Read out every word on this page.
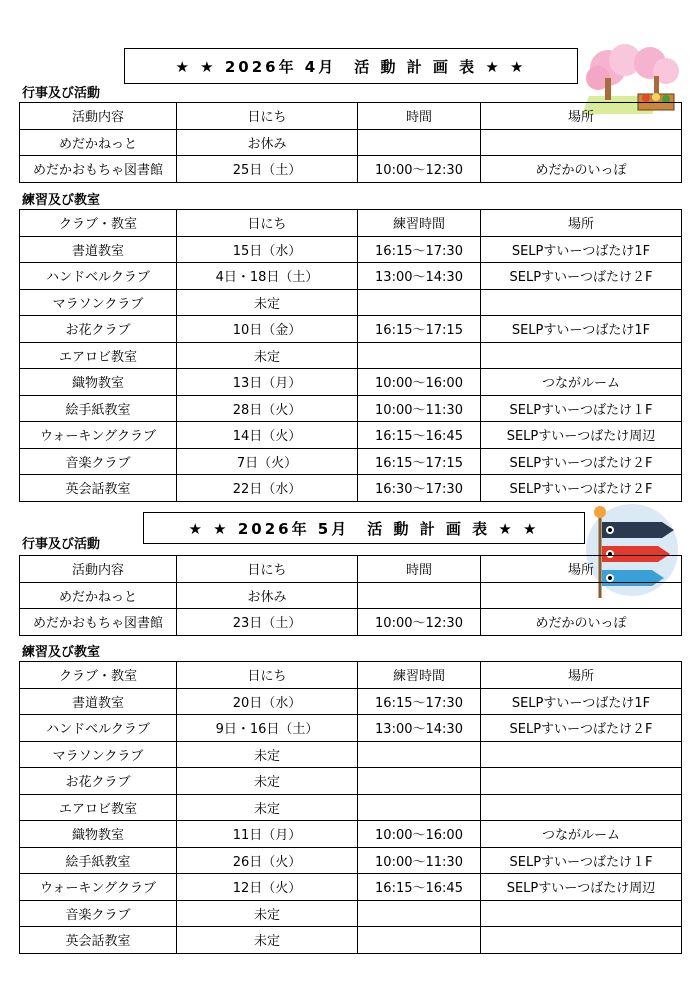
★ ★ 2026年 4月　活 動 計 画 表 ★ ★
行事及び活動
活動内容	日にち	時間	場所
めだかねっと	お休み		
めだかおもちゃ図書館	25日（土）	10:00～12:30	めだかのいっぽ
練習及び教室
クラブ・教室	日にち	練習時間	場所
書道教室	15日（水）	16:15～17:30	SELPすいーつばたけ1F
ハンドベルクラブ	4日・18日（土）	13:00～14:30	SELPすいーつばたけ２F
マラソンクラブ	未定		
お花クラブ	10日（金）	16:15～17:15	SELPすいーつばたけ1F
エアロビ教室	未定		
織物教室	13日（月）	10:00～16:00	つながルーム
絵手紙教室	28日（火）	10:00～11:30	SELPすいーつばたけ１F
ウォーキングクラブ	14日（火）	16:15～16:45	SELPすいーつばたけ周辺
音楽クラブ	7日（火）	16:15～17:15	SELPすいーつばたけ２F
英会話教室	22日（水）	16:30～17:30	SELPすいーつばたけ２F
★ ★ 2026年 5月　活 動 計 画 表 ★ ★
行事及び活動
活動内容	日にち	時間	場所
めだかねっと	お休み		
めだかおもちゃ図書館	23日（土）	10:00～12:30	めだかのいっぽ
練習及び教室
クラブ・教室	日にち	練習時間	場所
書道教室	20日（水）	16:15～17:30	SELPすいーつばたけ1F
ハンドベルクラブ	9日・16日（土）	13:00～14:30	SELPすいーつばたけ２F
マラソンクラブ	未定		
お花クラブ	未定		
エアロビ教室	未定		
織物教室	11日（月）	10:00～16:00	つながルーム
絵手紙教室	26日（火）	10:00～11:30	SELPすいーつばたけ１F
ウォーキングクラブ	12日（火）	16:15～16:45	SELPすいーつばたけ周辺
音楽クラブ	未定		
英会話教室	未定		
